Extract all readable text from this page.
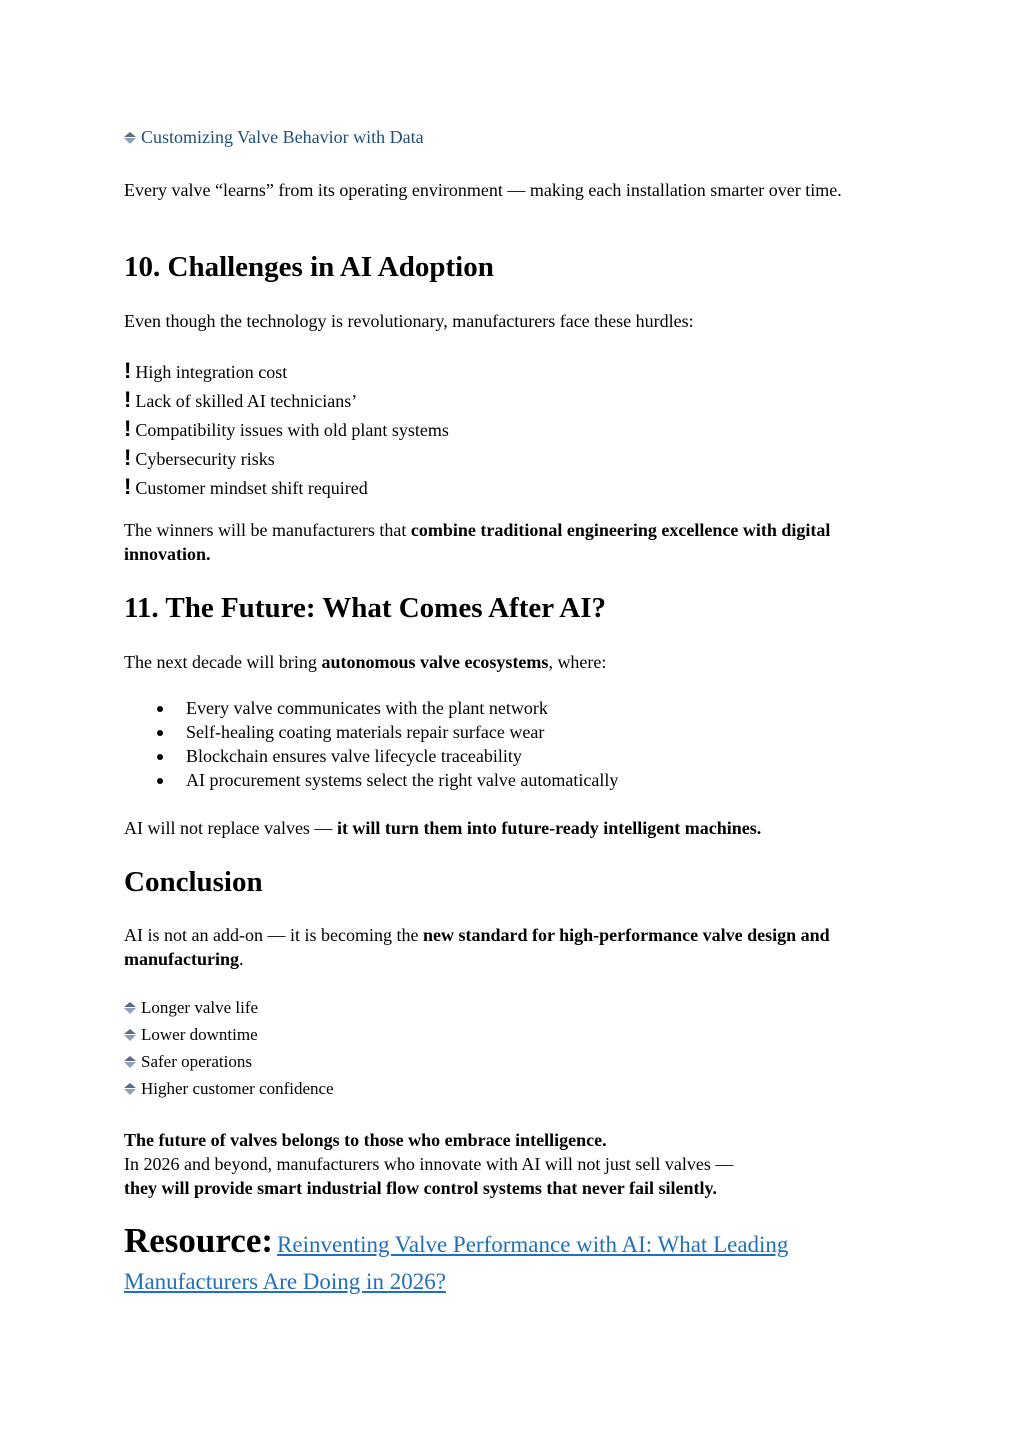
Customizing Valve Behavior with Data
Every valve “learns” from its operating environment — making each installation smarter over time.
10. Challenges in AI Adoption
Even though the technology is revolutionary, manufacturers face these hurdles:
! High integration cost
! Lack of skilled AI technicians’
! Compatibility issues with old plant systems
! Cybersecurity risks
! Customer mindset shift required
The winners will be manufacturers that combine traditional engineering excellence with digital innovation.
11. The Future: What Comes After AI?
The next decade will bring autonomous valve ecosystems, where:
Every valve communicates with the plant network
Self-healing coating materials repair surface wear
Blockchain ensures valve lifecycle traceability
AI procurement systems select the right valve automatically
AI will not replace valves — it will turn them into future-ready intelligent machines.
Conclusion
AI is not an add-on — it is becoming the new standard for high-performance valve design and manufacturing.
Longer valve life
Lower downtime
Safer operations
Higher customer confidence
The future of valves belongs to those who embrace intelligence.
In 2026 and beyond, manufacturers who innovate with AI will not just sell valves —
they will provide smart industrial flow control systems that never fail silently.
Resource: Reinventing Valve Performance with AI: What Leading Manufacturers Are Doing in 2026?
